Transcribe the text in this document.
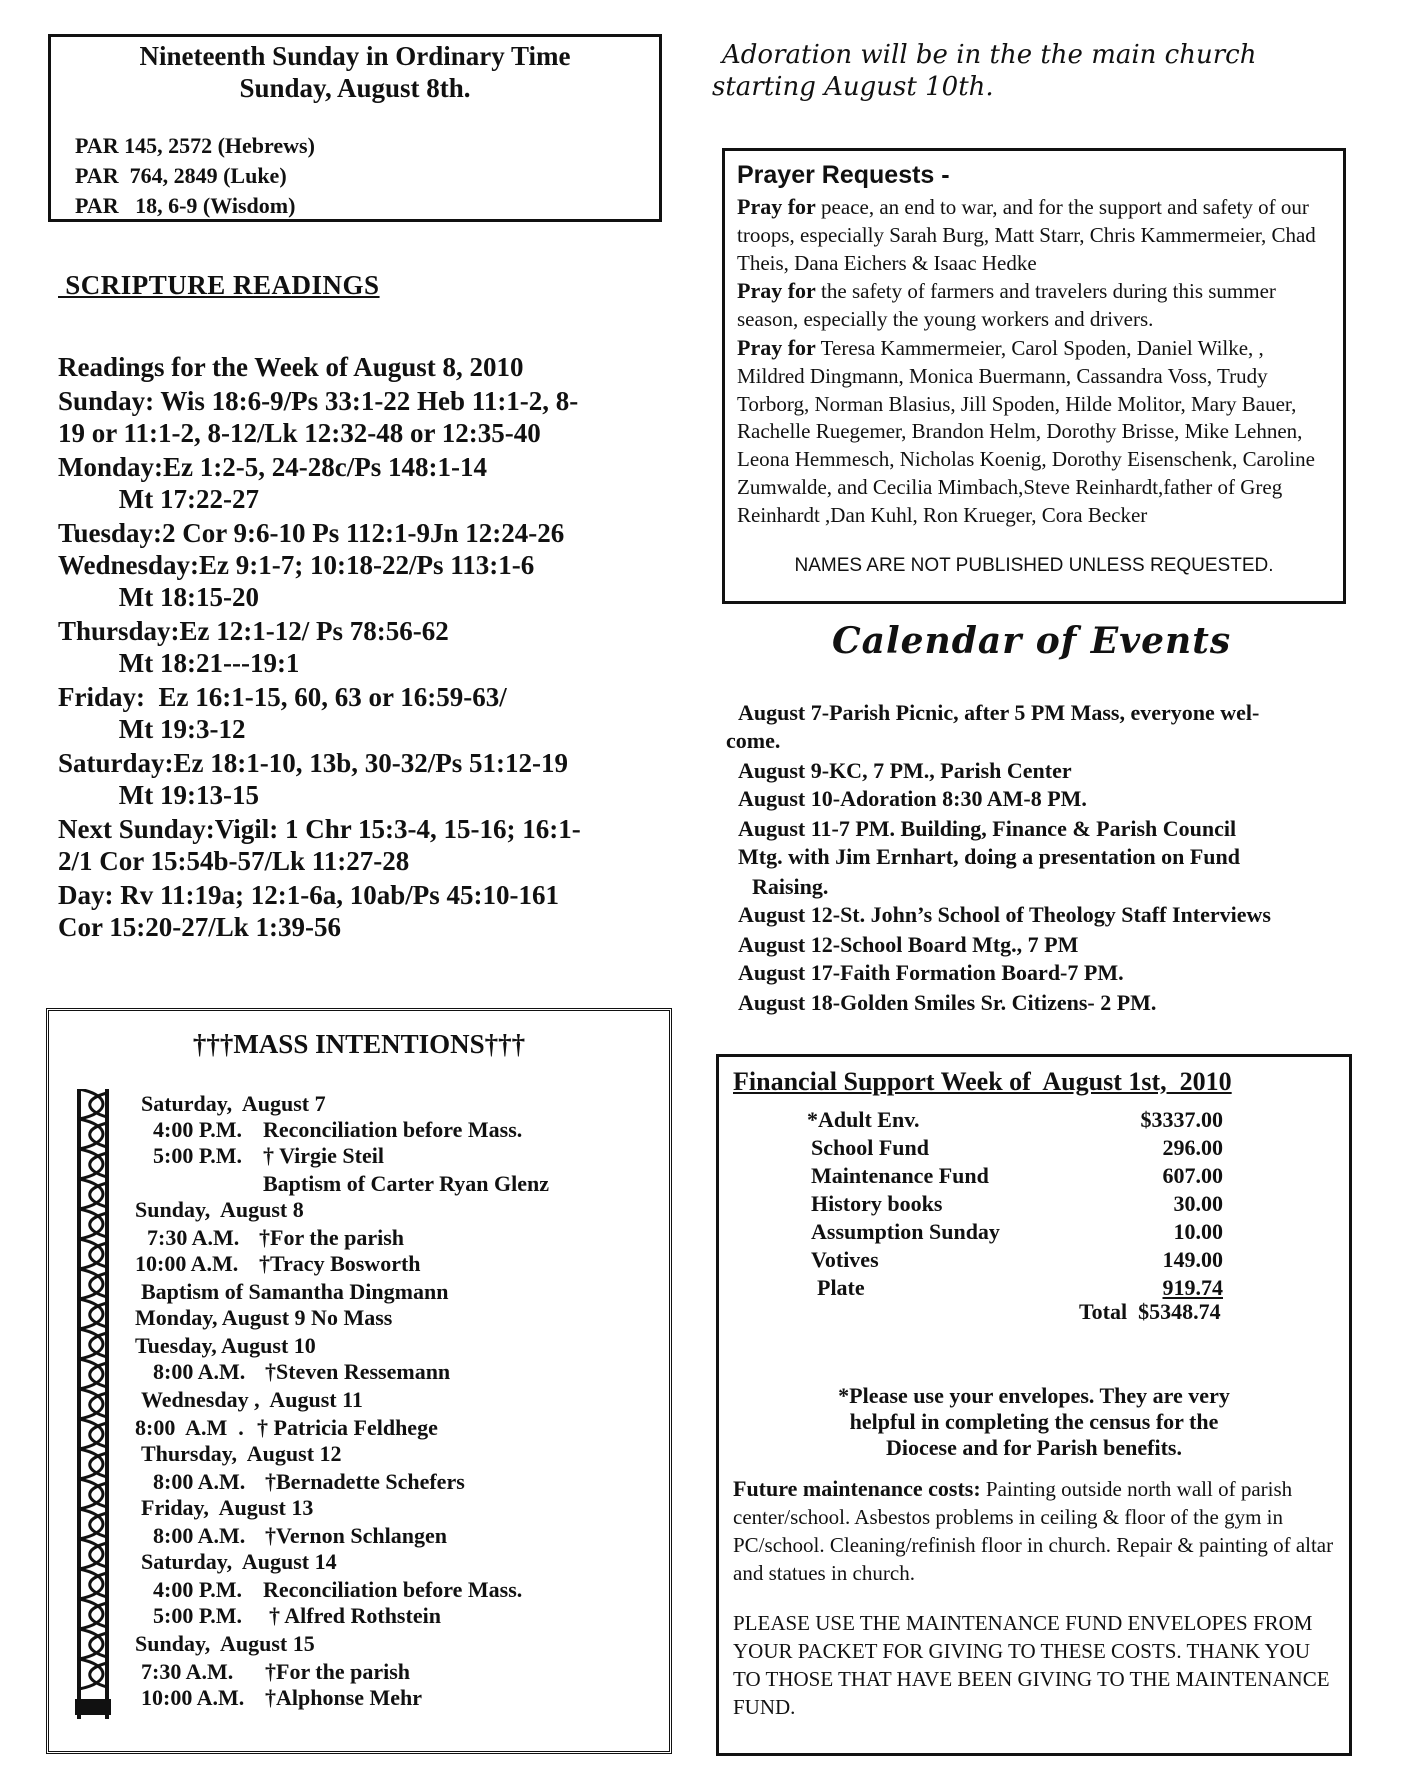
Nineteenth Sunday in Ordinary Time
Sunday, August 8th.
PAR 145, 2572 (Hebrews)
PAR  764, 2849 (Luke)
PAR   18, 6-9 (Wisdom)
SCRIPTURE READINGS
Readings for the Week of August 8, 2010
Sunday: Wis 18:6-9/Ps 33:1-22 Heb 11:1-2, 8-
19 or 11:1-2, 8-12/Lk 12:32-48 or 12:35-40
Monday:Ez 1:2-5, 24-28c/Ps 148:1-14
Mt 17:22-27
Tuesday:2 Cor 9:6-10 Ps 112:1-9Jn 12:24-26
Wednesday:Ez 9:1-7; 10:18-22/Ps 113:1-6
Mt 18:15-20
Thursday:Ez 12:1-12/ Ps 78:56-62
Mt 18:21---19:1
Friday:  Ez 16:1-15, 60, 63 or 16:59-63/
Mt 19:3-12
Saturday:Ez 18:1-10, 13b, 30-32/Ps 51:12-19
Mt 19:13-15
Next Sunday:Vigil: 1 Chr 15:3-4, 15-16; 16:1-
2/1 Cor 15:54b-57/Lk 11:27-28
Day: Rv 11:19a; 12:1-6a, 10ab/Ps 45:10-161
Cor 15:20-27/Lk 1:39-56
†††MASS INTENTIONS†††
Saturday,  August 7
4:00 P.M. Reconciliation before Mass.
5:00 P.M. † Virgie Steil
Baptism of Carter Ryan Glenz
Sunday,  August 8
7:30 A.M. †For the parish
10:00 A.M. †Tracy Bosworth
Baptism of Samantha Dingmann
Monday, August 9 No Mass
Tuesday, August 10
8:00 A.M. †Steven Ressemann
Wednesday ,  August 11
8:00  A.M  . † Patricia Feldhege
Thursday,  August 12
8:00 A.M. †Bernadette Schefers
Friday,  August 13
8:00 A.M. †Vernon Schlangen
Saturday,  August 14
4:00 P.M. Reconciliation before Mass.
5:00 P.M. † Alfred Rothstein
Sunday,  August 15
7:30 A.M. †For the parish
10:00 A.M. †Alphonse Mehr
Adoration will be in the the main church
starting August 10th.
Prayer Requests -
Pray for peace, an end to war, and for the support and safety of our troops, especially Sarah Burg, Matt Starr, Chris Kammermeier, Chad Theis, Dana Eichers & Isaac Hedke
Pray for the safety of farmers and travelers during this summer season, especially the young workers and drivers.
Pray for Teresa Kammermeier, Carol Spoden, Daniel Wilke, , Mildred Dingmann, Monica Buermann, Cassandra Voss, Trudy Torborg, Norman Blasius, Jill Spoden, Hilde Molitor, Mary Bauer, Rachelle Ruegemer, Brandon Helm, Dorothy Brisse, Mike Lehnen, Leona Hemmesch, Nicholas Koenig, Dorothy Eisenschenk, Caroline Zumwalde, and Cecilia Mimbach,Steve Reinhardt,father of Greg Reinhardt ,Dan Kuhl, Ron Krueger, Cora Becker
NAMES ARE NOT PUBLISHED UNLESS REQUESTED.
Calendar of Events
August 7-Parish Picnic, after 5 PM Mass, everyone wel-
come.
August 9-KC, 7 PM., Parish Center
August 10-Adoration 8:30 AM-8 PM.
August 11-7 PM. Building, Finance & Parish Council
Mtg. with Jim Ernhart, doing a presentation on Fund
Raising.
August 12-St. John’s School of Theology Staff Interviews
August 12-School Board Mtg., 7 PM
August 17-Faith Formation Board-7 PM.
August 18-Golden Smiles Sr. Citizens- 2 PM.
Financial Support Week of  August 1st,  2010
*Adult Env.	$3337.00
School Fund	296.00
Maintenance Fund	607.00
History books	30.00
Assumption Sunday	10.00
Votives	149.00
Plate	919.74
Total  $5348.74
*Please use your envelopes. They are very
helpful in completing the census for the
Diocese and for Parish benefits.
Future maintenance costs: Painting outside north wall of parish center/school. Asbestos problems in ceiling & floor of the gym in PC/school. Cleaning/refinish floor in church. Repair & painting of altar and statues in church.
PLEASE USE THE MAINTENANCE FUND ENVELOPES FROM YOUR PACKET FOR GIVING TO THESE COSTS. THANK YOU TO THOSE THAT HAVE BEEN GIVING TO THE MAINTENANCE FUND.
